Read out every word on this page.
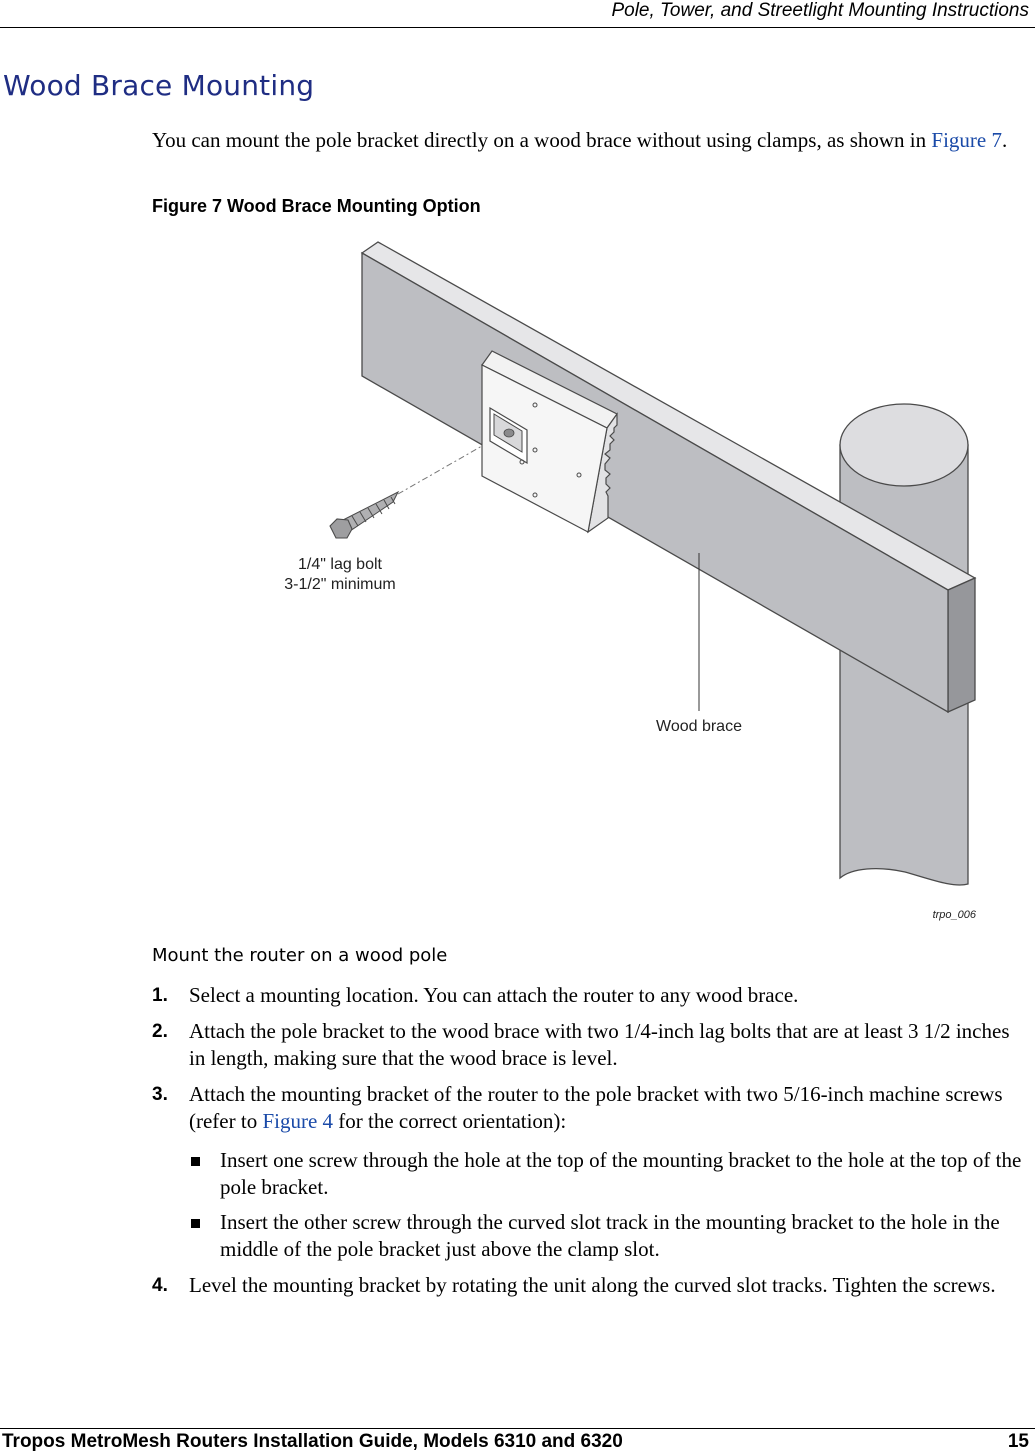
Pole, Tower, and Streetlight Mounting Instructions
Wood Brace Mounting
You can mount the pole bracket directly on a wood brace without using clamps, as shown in Figure 7.
Figure 7 Wood Brace Mounting Option
1/4" lag bolt
3-1/2" minimum
Wood brace
trpo_006
Mount the router on a wood pole
1. Select a mounting location. You can attach the router to any wood brace.
2. Attach the pole bracket to the wood brace with two 1/4-inch lag bolts that are at least 3 1/2 inches in length, making sure that the wood brace is level.
3. Attach the mounting bracket of the router to the pole bracket with two 5/16-inch machine screws (refer to Figure 4 for the correct orientation):
Insert one screw through the hole at the top of the mounting bracket to the hole at the top of the pole bracket.
Insert the other screw through the curved slot track in the mounting bracket to the hole in the middle of the pole bracket just above the clamp slot.
4. Level the mounting bracket by rotating the unit along the curved slot tracks. Tighten the screws.
Tropos MetroMesh Routers Installation Guide, Models 6310 and 6320	15
